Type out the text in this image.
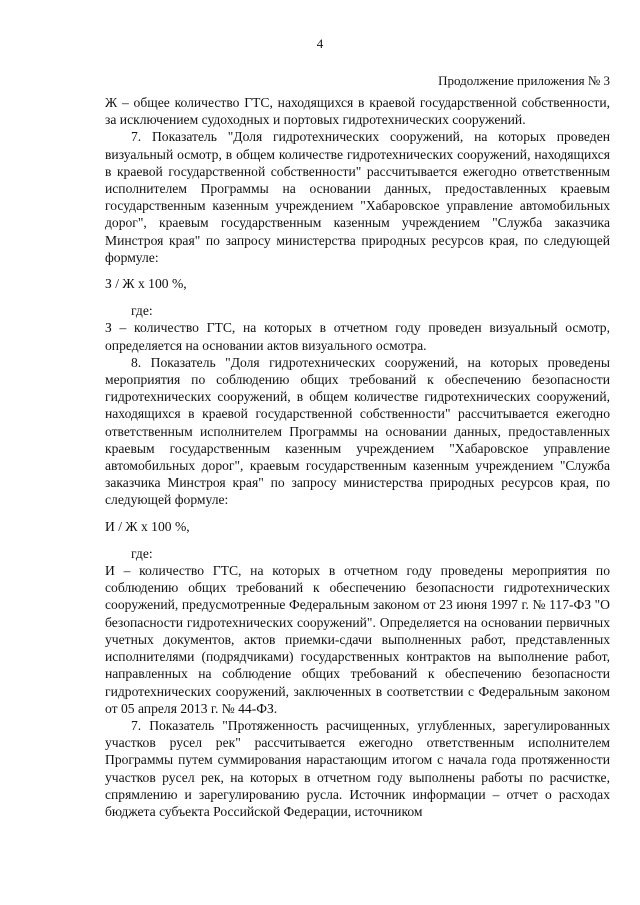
4
Продолжение приложения № 3

Ж – общее количество ГТС, находящихся в краевой государственной собственности, за исключением судоходных и портовых гидротехнических сооружений.

7. Показатель "Доля гидротехнических сооружений, на которых проведен визуальный осмотр, в общем количестве гидротехнических сооружений, находящихся в краевой государственной собственности" рассчитывается ежегодно ответственным исполнителем Программы на основании данных, предоставленных краевым государственным казенным учреждением "Хабаровское управление автомобильных дорог", краевым государственным казенным учреждением "Служба заказчика Минстроя края" по запросу министерства природных ресурсов края, по следующей формуле:

З / Ж х 100 %,

где:

З – количество ГТС, на которых в отчетном году проведен визуальный осмотр, определяется на основании актов визуального осмотра.

8. Показатель "Доля гидротехнических сооружений, на которых проведены мероприятия по соблюдению общих требований к обеспечению безопасности гидротехнических сооружений, в общем количестве гидротехнических сооружений, находящихся в краевой государственной собственности" рассчитывается ежегодно ответственным исполнителем Программы на основании данных, предоставленных краевым государственным казенным учреждением "Хабаровское управление автомобильных дорог", краевым государственным казенным учреждением "Служба заказчика Минстроя края" по запросу министерства природных ресурсов края, по следующей формуле:

И / Ж х 100 %,

где:

И – количество ГТС, на которых в отчетном году проведены мероприятия по соблюдению общих требований к обеспечению безопасности гидротехнических сооружений, предусмотренные Федеральным законом от 23 июня 1997 г. № 117-ФЗ "О безопасности гидротехнических сооружений". Определяется на основании первичных учетных документов, актов приемки-сдачи выполненных работ, представленных исполнителями (подрядчиками) государственных контрактов на выполнение работ, направленных на соблюдение общих требований к обеспечению безопасности гидротехнических сооружений, заключенных в соответствии с Федеральным законом от 05 апреля 2013 г. № 44-ФЗ.

7. Показатель "Протяженность расчищенных, углубленных, зарегулированных участков русел рек" рассчитывается ежегодно ответственным исполнителем Программы путем суммирования нарастающим итогом с начала года протяженности участков русел рек, на которых в отчетном году выполнены работы по расчистке, спрямлению и зарегулированию русла. Источник информации – отчет о расходах бюджета субъекта Российской Федерации, источником
